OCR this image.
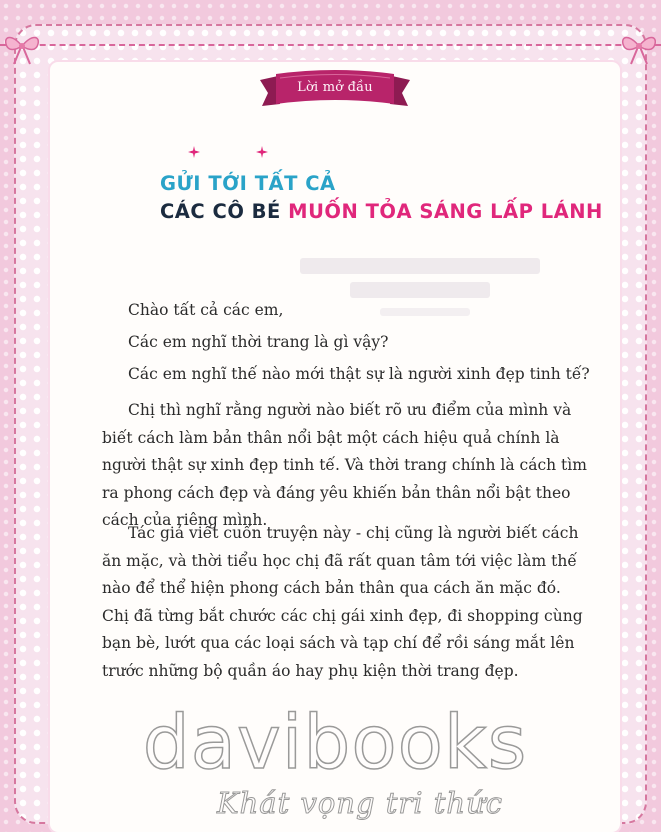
Lời mở đầu
GỬI TỚI TẤT CẢ
CÁC CÔ BÉ MUỐN TỎA SÁNG LẤP LÁNH

Chào tất cả các em,

Các em nghĩ thời trang là gì vậy?

Các em nghĩ thế nào mới thật sự là người xinh đẹp tinh tế?

Chị thì nghĩ rằng người nào biết rõ ưu điểm của mình và biết cách làm bản thân nổi bật một cách hiệu quả chính là người thật sự xinh đẹp tinh tế. Và thời trang chính là cách tìm ra phong cách đẹp và đáng yêu khiến bản thân nổi bật theo cách của riêng mình.

Tác giả viết cuốn truyện này - chị cũng là người biết cách ăn mặc, và thời tiểu học chị đã rất quan tâm tới việc làm thế nào để thể hiện phong cách bản thân qua cách ăn mặc đó. Chị đã từng bắt chước các chị gái xinh đẹp, đi shopping cùng bạn bè, lướt qua các loại sách và tạp chí để rồi sáng mắt lên trước những bộ quần áo hay phụ kiện thời trang đẹp.

davibooks
Khát vọng tri thức
